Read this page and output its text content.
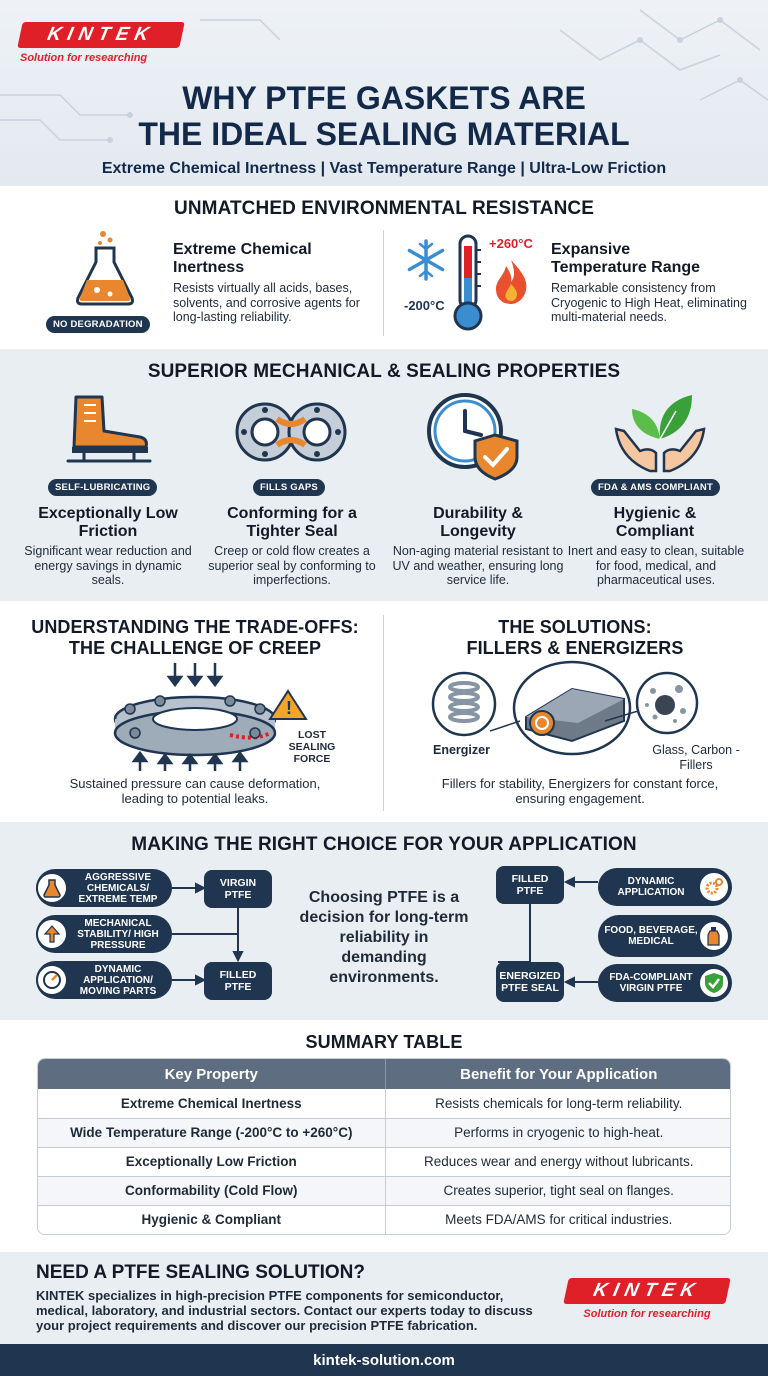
KINTEK
Solution for researching
WHY PTFE GASKETS ARE
THE IDEAL SEALING MATERIAL
Extreme Chemical Inertness | Vast Temperature Range | Ultra-Low Friction
UNMATCHED ENVIRONMENTAL RESISTANCE
NO DEGRADATION
Extreme Chemical Inertness
Resists virtually all acids, bases, solvents, and corrosive agents for long-lasting reliability.
-200°C
+260°C Expansive Temperature Range
Remarkable consistency from Cryogenic to High Heat, eliminating multi-material needs.
SUPERIOR MECHANICAL & SEALING PROPERTIES
SELF-LUBRICATING
Exceptionally Low Friction
Significant wear reduction and energy savings in dynamic seals.
FILLS GAPS
Conforming for a Tighter Seal
Creep or cold flow creates a superior seal by conforming to imperfections.
Durability & Longevity
Non-aging material resistant to UV and weather, ensuring long service life.
FDA & AMS COMPLIANT
Hygienic & Compliant
Inert and easy to clean, suitable for food, medical, and pharmaceutical uses.
UNDERSTANDING THE TRADE-OFFS:
THE CHALLENGE OF CREEP
!
LOST SEALING FORCE
Sustained pressure can cause deformation, leading to potential leaks.
THE SOLUTIONS:
FILLERS & ENERGIZERS
Energizer	Glass, Carbon - Fillers
Fillers for stability, Energizers for constant force, ensuring engagement.
MAKING THE RIGHT CHOICE FOR YOUR APPLICATION
AGGRESSIVE CHEMICALS/ EXTREME TEMP
MECHANICAL STABILITY/ HIGH PRESSURE
DYNAMIC APPLICATION/ MOVING PARTS
VIRGIN PTFE
FILLED PTFE
Choosing PTFE is a decision for long-term reliability in demanding environments.
FILLED PTFE
ENERGIZED PTFE SEAL
DYNAMIC APPLICATION
FOOD, BEVERAGE, MEDICAL
FDA-COMPLIANT VIRGIN PTFE
SUMMARY TABLE
Key Property	Benefit for Your Application
Extreme Chemical Inertness	Resists chemicals for long-term reliability.
Wide Temperature Range (-200°C to +260°C)	Performs in cryogenic to high-heat.
Exceptionally Low Friction	Reduces wear and energy without lubricants.
Conformability (Cold Flow)	Creates superior, tight seal on flanges.
Hygienic & Compliant	Meets FDA/AMS for critical industries.
NEED A PTFE SEALING SOLUTION?
KINTEK specializes in high-precision PTFE components for semiconductor, medical, laboratory, and industrial sectors. Contact our experts today to discuss your project requirements and discover our precision PTFE fabrication.
KINTEK
Solution for researching
kintek-solution.com
